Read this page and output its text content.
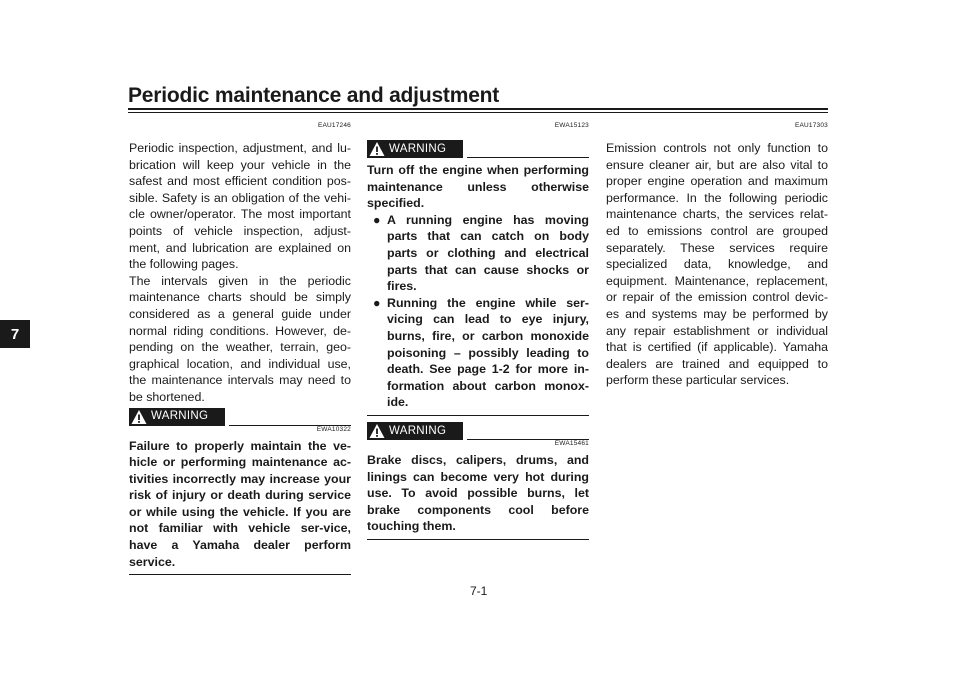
Periodic maintenance and adjustment
7
EAU17246

Periodic inspection, adjustment, and lu-brication will keep your vehicle in the safest and most efficient condition pos-sible. Safety is an obligation of the vehi-cle owner/operator. The most important points of vehicle inspection, adjust-ment, and lubrication are explained on the following pages.

The intervals given in the periodic maintenance charts should be simply considered as a general guide under normal riding conditions. However, de-pending on the weather, terrain, geo-graphical location, and individual use, the maintenance intervals may need to be shortened.

WARNING
EWA10322

Failure to properly maintain the ve-hicle or performing maintenance ac-tivities incorrectly may increase your risk of injury or death during service or while using the vehicle. If you are not familiar with vehicle ser-vice, have a Yamaha dealer perform service.

EWA15123
WARNING

Turn off the engine when performing maintenance unless otherwise specified.

● A running engine has moving parts that can catch on body parts or clothing and electrical parts that can cause shocks or fires.
● Running the engine while ser-vicing can lead to eye injury, burns, fire, or carbon monoxide poisoning – possibly leading to death. See page 1-2 for more in-formation about carbon monox-ide.
WARNING
EWA15461

Brake discs, calipers, drums, and linings can become very hot during use. To avoid possible burns, let brake components cool before touching them.

EAU17303

Emission controls not only function to ensure cleaner air, but are also vital to proper engine operation and maximum performance. In the following periodic maintenance charts, the services relat-ed to emissions control are grouped separately. These services require specialized data, knowledge, and equipment. Maintenance, replacement, or repair of the emission control devic-es and systems may be performed by any repair establishment or individual that is certified (if applicable). Yamaha dealers are trained and equipped to perform these particular services.

7-1
